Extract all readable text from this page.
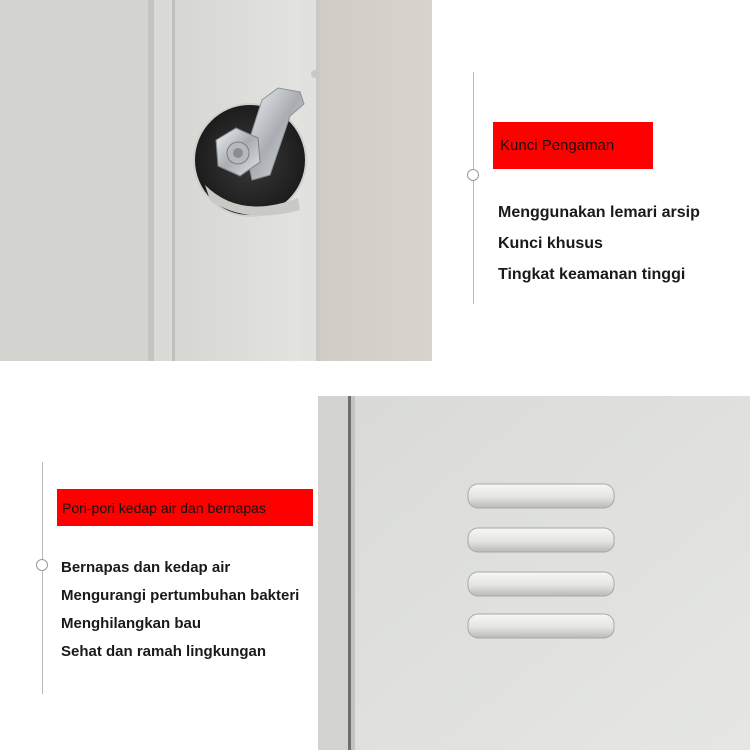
Kunci Pengaman
Menggunakan lemari arsip
Kunci khusus
Tingkat keamanan tinggi
Pori-pori kedap air dan bernapas
Bernapas dan kedap air
Mengurangi pertumbuhan bakteri
Menghilangkan bau
Sehat dan ramah lingkungan
